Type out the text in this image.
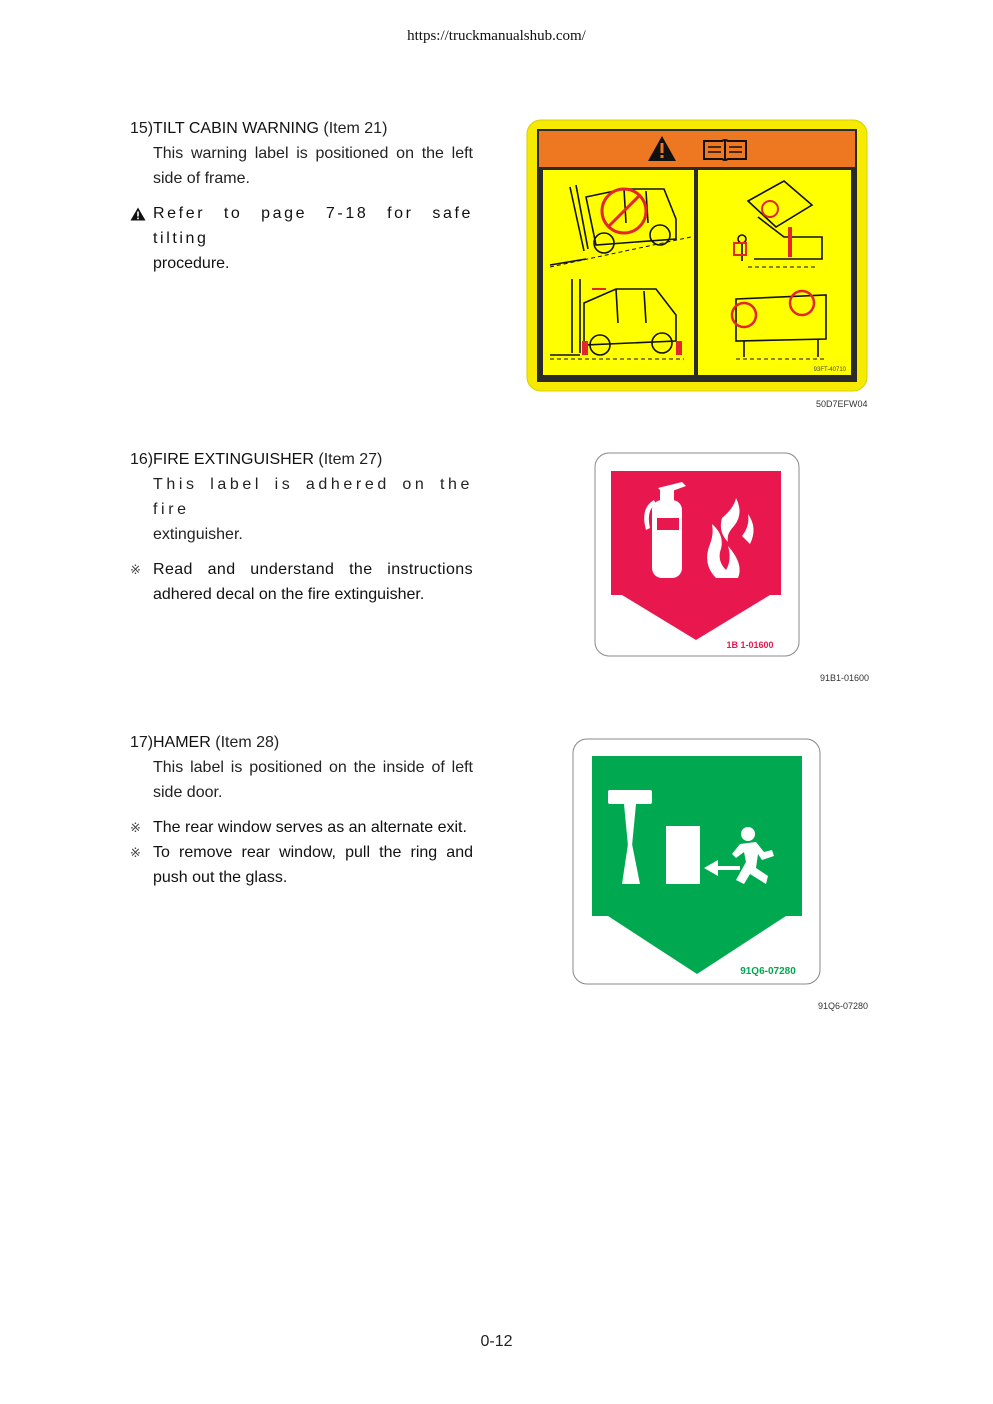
https://truckmanualshub.com/
15) TILT CABIN WARNING (Item 21)
This warning label is positioned on the left side of frame.
Refer to page 7-18 for safe tilting
procedure.
93FT-40710
50D7EFW04
16) FIRE EXTINGUISHER (Item 27)
This label is adhered on the fire
extinguisher.
※ Read and understand the instructions
adhered decal on the fire extinguisher.
1B 1-01600
91B1-01600
17) HAMER (Item 28)
This label is positioned on the inside of left side door.
※ The rear window serves as an alternate exit.
※ To remove rear window, pull the ring and push out the glass.
91Q6-07280
91Q6-07280
0-12
